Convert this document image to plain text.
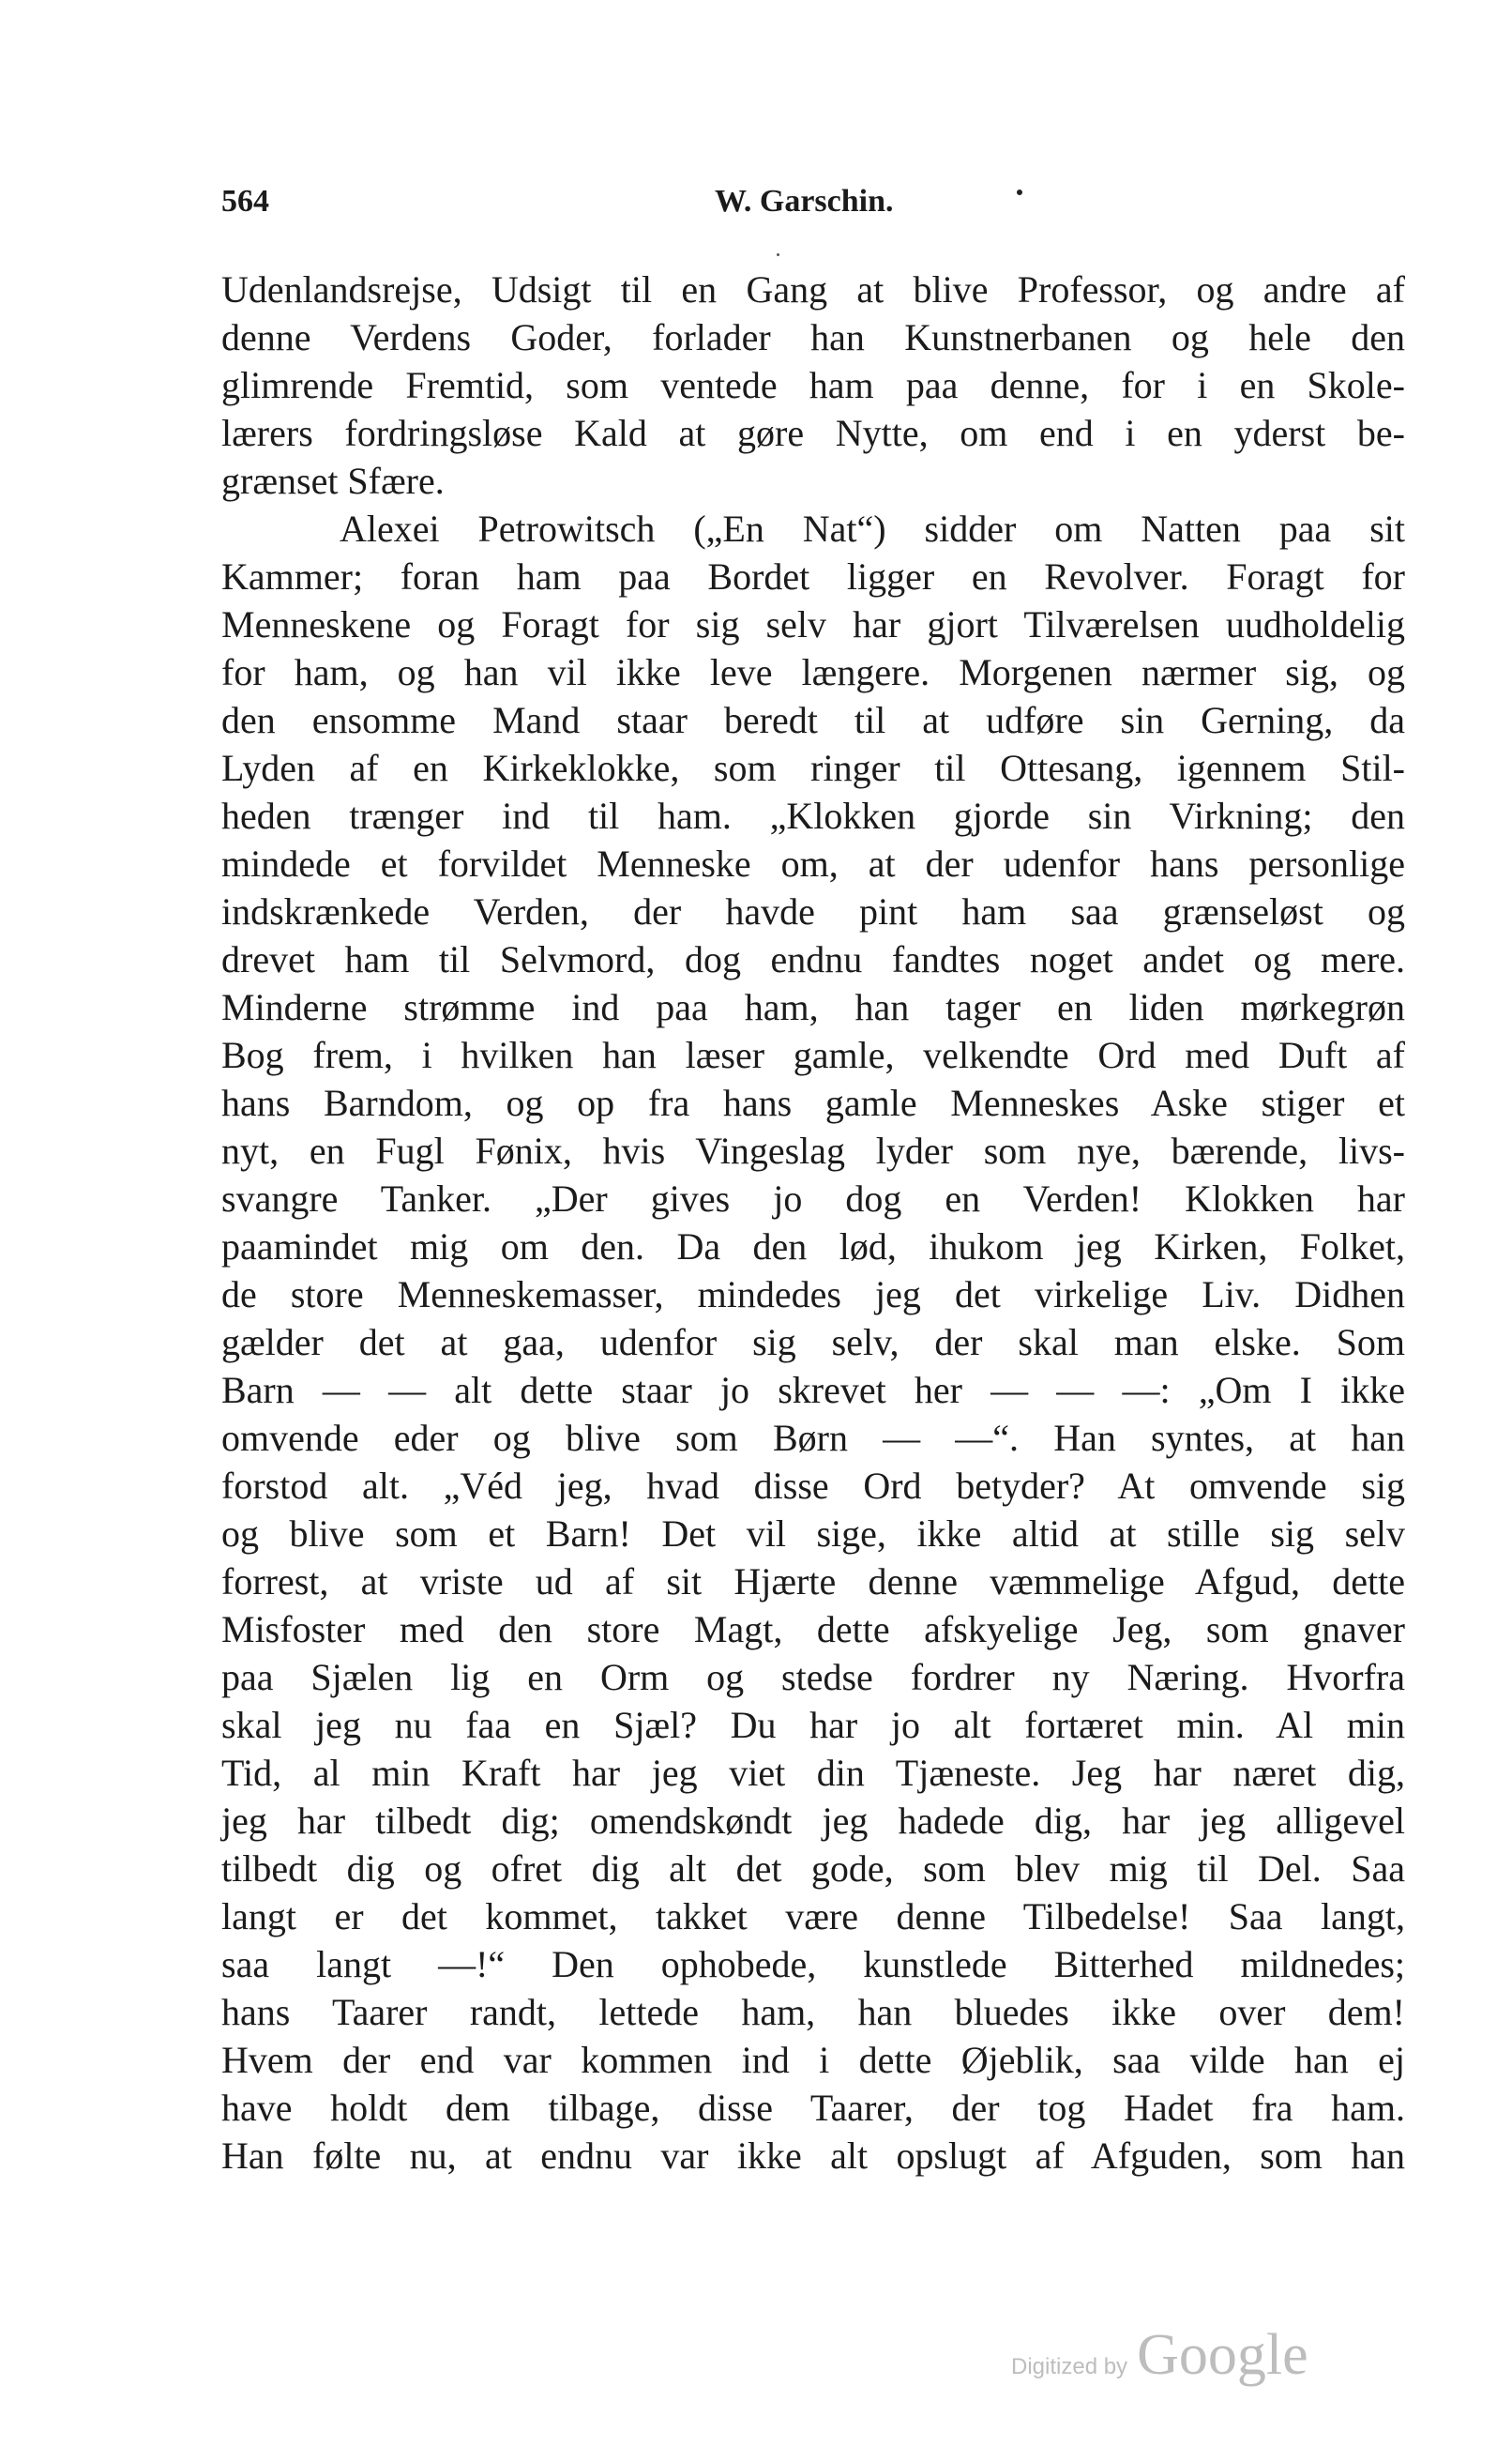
564	W. Garschin.
Udenlandsrejse, Udsigt til en Gang at blive Professor, og andre af
denne Verdens Goder, forlader han Kunstnerbanen og hele den
glimrende Fremtid, som ventede ham paa denne, for i en Skole-
lærers fordringsløse Kald at gøre Nytte, om end i en yderst be-
grænset Sfære.
Alexei Petrowitsch („En Nat“) sidder om Natten paa sit
Kammer; foran ham paa Bordet ligger en Revolver. Foragt for
Menneskene og Foragt for sig selv har gjort Tilværelsen uudholdelig
for ham, og han vil ikke leve længere. Morgenen nærmer sig, og
den ensomme Mand staar beredt til at udføre sin Gerning, da
Lyden af en Kirkeklokke, som ringer til Ottesang, igennem Stil-
heden trænger ind til ham. „Klokken gjorde sin Virkning; den
mindede et forvildet Menneske om, at der udenfor hans personlige
indskrænkede Verden, der havde pint ham saa grænseløst og
drevet ham til Selvmord, dog endnu fandtes noget andet og mere.
Minderne strømme ind paa ham, han tager en liden mørkegrøn
Bog frem, i hvilken han læser gamle, velkendte Ord med Duft af
hans Barndom, og op fra hans gamle Menneskes Aske stiger et
nyt, en Fugl Fønix, hvis Vingeslag lyder som nye, bærende, livs-
svangre Tanker. „Der gives jo dog en Verden! Klokken har
paamindet mig om den. Da den lød, ihukom jeg Kirken, Folket,
de store Menneskemasser, mindedes jeg det virkelige Liv. Didhen
gælder det at gaa, udenfor sig selv, der skal man elske. Som
Barn — — alt dette staar jo skrevet her — — —: „Om I ikke
omvende eder og blive som Børn — —“. Han syntes, at han
forstod alt. „Véd jeg, hvad disse Ord betyder? At omvende sig
og blive som et Barn! Det vil sige, ikke altid at stille sig selv
forrest, at vriste ud af sit Hjærte denne væmmelige Afgud, dette
Misfoster med den store Magt, dette afskyelige Jeg, som gnaver
paa Sjælen lig en Orm og stedse fordrer ny Næring. Hvorfra
skal jeg nu faa en Sjæl? Du har jo alt fortæret min. Al min
Tid, al min Kraft har jeg viet din Tjæneste. Jeg har næret dig,
jeg har tilbedt dig; omendskøndt jeg hadede dig, har jeg alligevel
tilbedt dig og ofret dig alt det gode, som blev mig til Del. Saa
langt er det kommet, takket være denne Tilbedelse! Saa langt,
saa langt —!“ Den ophobede, kunstlede Bitterhed mildnedes;
hans Taarer randt, lettede ham, han bluedes ikke over dem!
Hvem der end var kommen ind i dette Øjeblik, saa vilde han ej
have holdt dem tilbage, disse Taarer, der tog Hadet fra ham.
Han følte nu, at endnu var ikke alt opslugt af Afguden, som han
Digitized by Google
